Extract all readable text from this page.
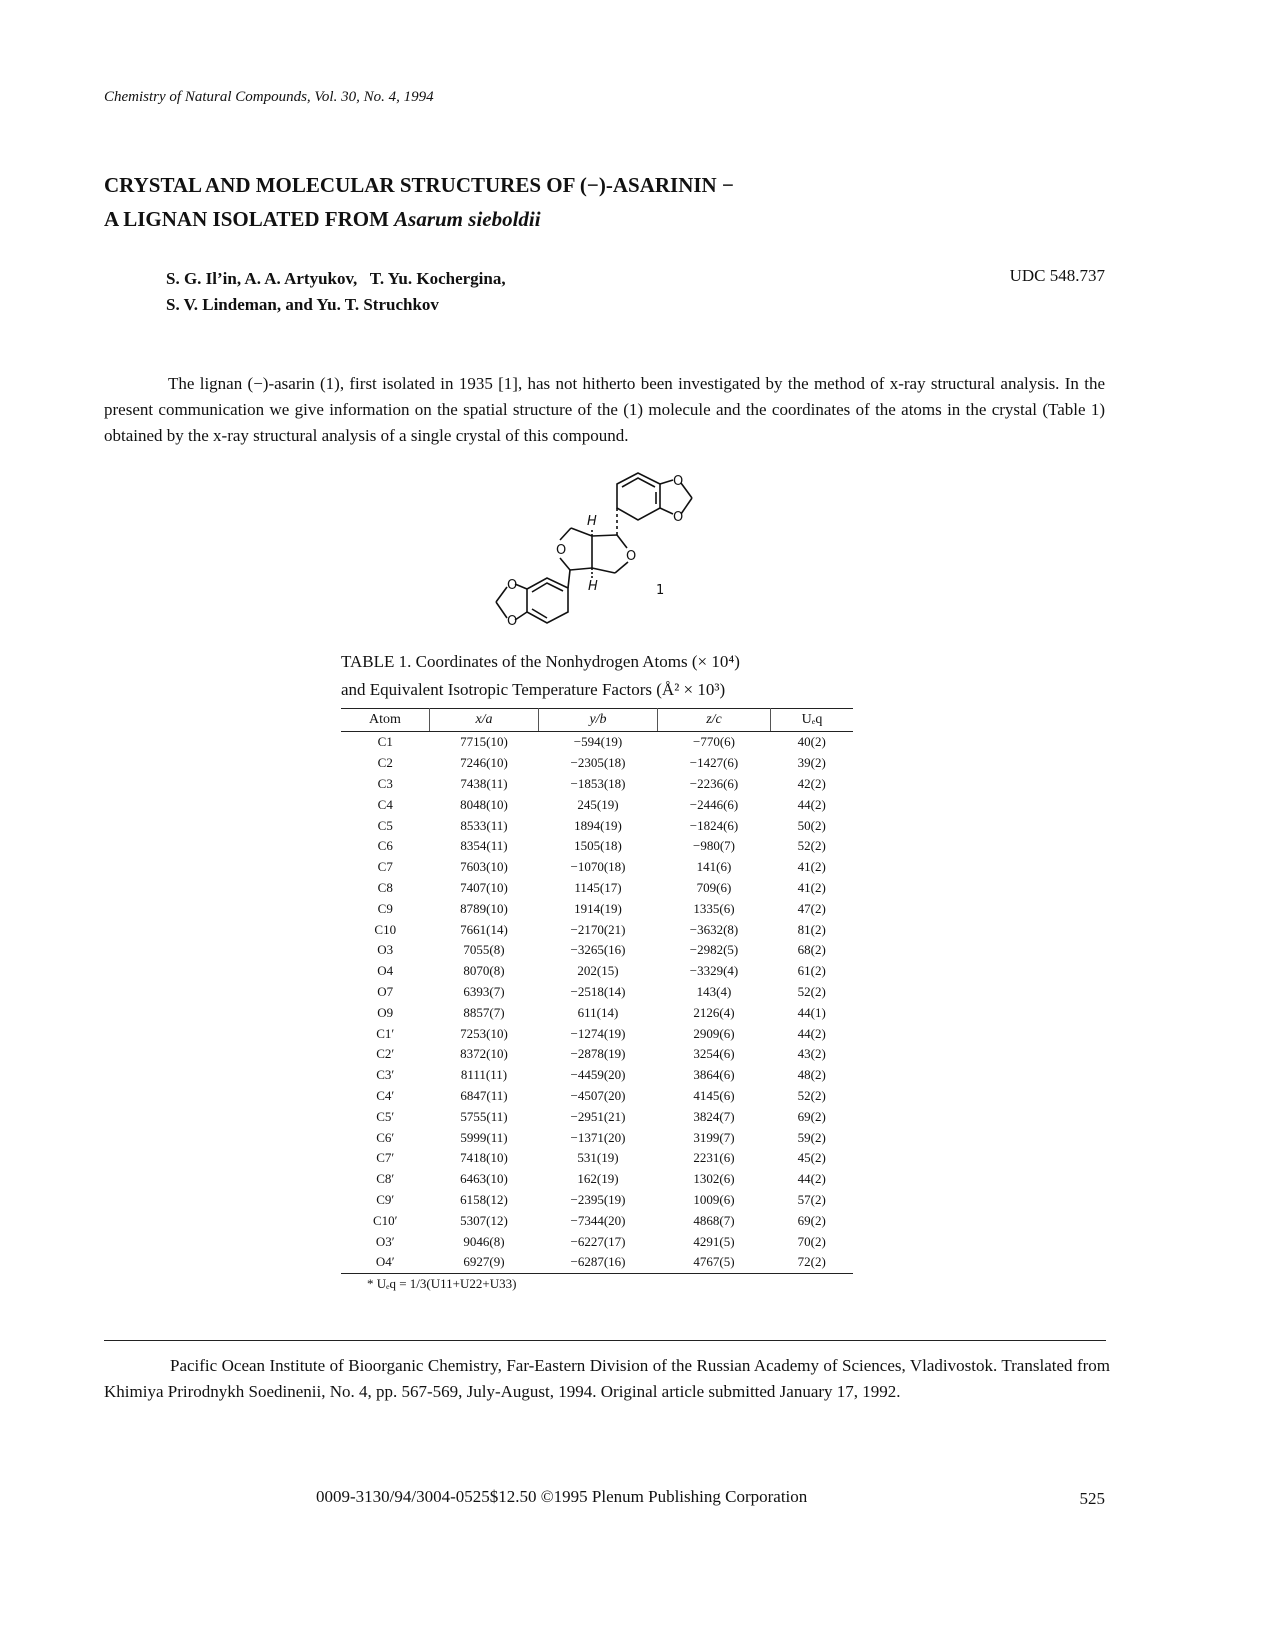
Chemistry of Natural Compounds, Vol. 30, No. 4, 1994
CRYSTAL AND MOLECULAR STRUCTURES OF (−)-ASARININ −
A LIGNAN ISOLATED FROM Asarum sieboldii
S. G. Il’in, A. A. Artyukov,   T. Yu. Kochergina,
S. V. Lindeman, and Yu. T. Struchkov
UDC 548.737

The lignan (−)-asarin (1), first isolated in 1935 [1], has not hitherto been investigated by the method of x-ray structural analysis. In the present communication we give information on the spatial structure of the (1) molecule and the coordinates of the atoms in the crystal (Table 1) obtained by the x-ray structural analysis of a single crystal of this compound.

O
O
O	O
O
O
H
H	1
TABLE 1. Coordinates of the Nonhydrogen Atoms (× 10⁴)
and Equivalent Isotropic Temperature Factors (Å² × 10³)
Atom	x/a	y/b	z/c	Uₑq
C1	7715(10)	−594(19)	−770(6)	40(2)
C2	7246(10)	−2305(18)	−1427(6)	39(2)
C3	7438(11)	−1853(18)	−2236(6)	42(2)
C4	8048(10)	245(19)	−2446(6)	44(2)
C5	8533(11)	1894(19)	−1824(6)	50(2)
C6	8354(11)	1505(18)	−980(7)	52(2)
C7	7603(10)	−1070(18)	141(6)	41(2)
C8	7407(10)	1145(17)	709(6)	41(2)
C9	8789(10)	1914(19)	1335(6)	47(2)
C10	7661(14)	−2170(21)	−3632(8)	81(2)
O3	7055(8)	−3265(16)	−2982(5)	68(2)
O4	8070(8)	202(15)	−3329(4)	61(2)
O7	6393(7)	−2518(14)	143(4)	52(2)
O9	8857(7)	611(14)	2126(4)	44(1)
C1′	7253(10)	−1274(19)	2909(6)	44(2)
C2′	8372(10)	−2878(19)	3254(6)	43(2)
C3′	8111(11)	−4459(20)	3864(6)	48(2)
C4′	6847(11)	−4507(20)	4145(6)	52(2)
C5′	5755(11)	−2951(21)	3824(7)	69(2)
C6′	5999(11)	−1371(20)	3199(7)	59(2)
C7′	7418(10)	531(19)	2231(6)	45(2)
C8′	6463(10)	162(19)	1302(6)	44(2)
C9′	6158(12)	−2395(19)	1009(6)	57(2)
C10′	5307(12)	−7344(20)	4868(7)	69(2)
O3′	9046(8)	−6227(17)	4291(5)	70(2)
O4′	6927(9)	−6287(16)	4767(5)	72(2)
* Uₑq = 1/3(U11+U22+U33)

Pacific Ocean Institute of Bioorganic Chemistry, Far-Eastern Division of the Russian Academy of Sciences, Vladivostok. Translated from Khimiya Prirodnykh Soedinenii, No. 4, pp. 567-569, July-August, 1994. Original article submitted January 17, 1992.

0009-3130/94/3004-0525$12.50 ©1995 Plenum Publishing Corporation	525
